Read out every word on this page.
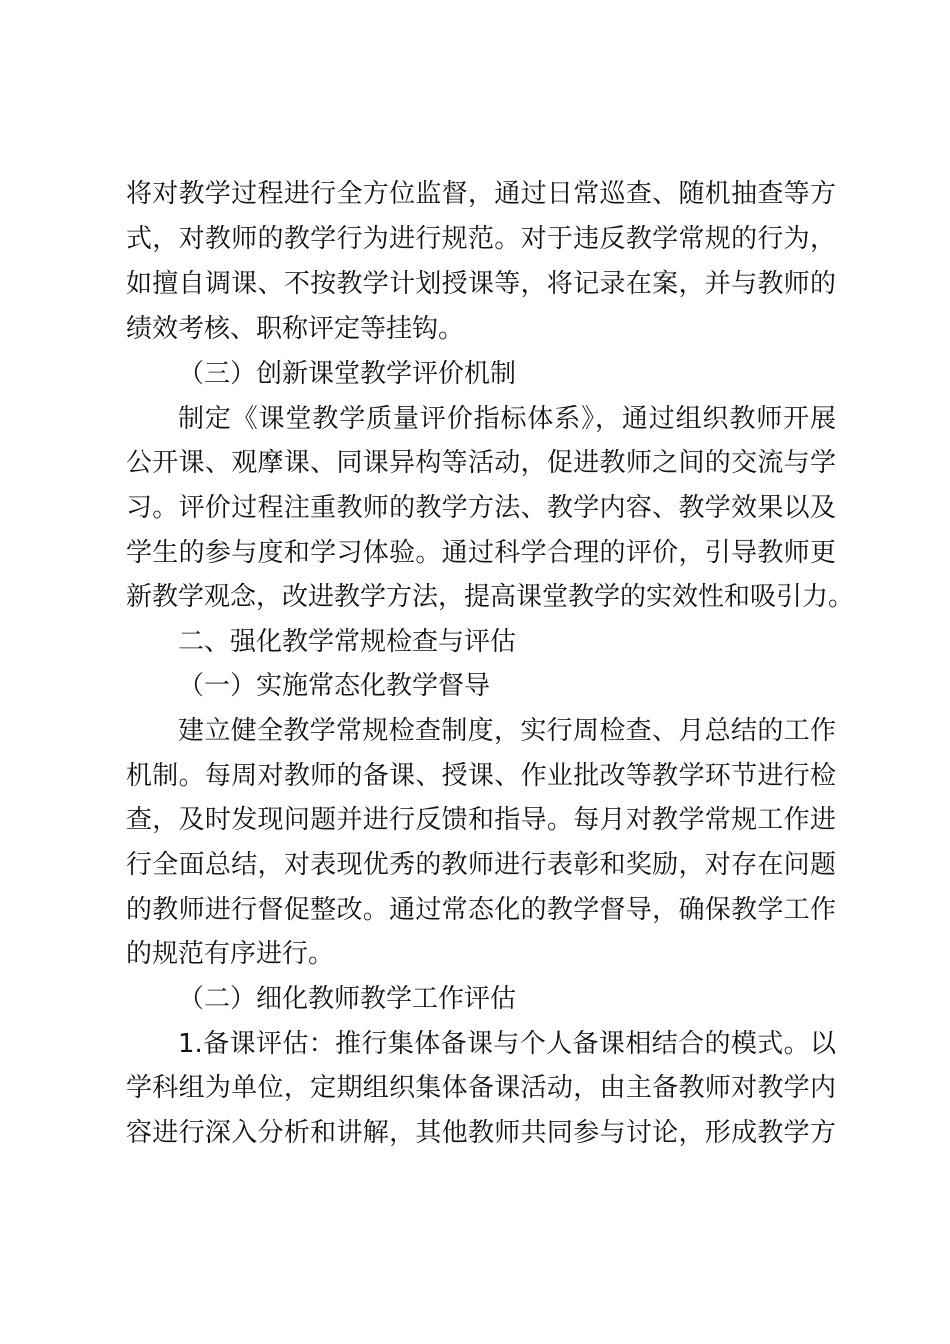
将对教学过程进行全方位监督，通过日常巡查、随机抽查等方
式，对教师的教学行为进行规范。对于违反教学常规的行为，
如擅自调课、不按教学计划授课等，将记录在案，并与教师的
绩效考核、职称评定等挂钩。
（三）创新课堂教学评价机制
制定《课堂教学质量评价指标体系》，通过组织教师开展
公开课、观摩课、同课异构等活动，促进教师之间的交流与学
习。评价过程注重教师的教学方法、教学内容、教学效果以及
学生的参与度和学习体验。通过科学合理的评价，引导教师更
新教学观念，改进教学方法，提高课堂教学的实效性和吸引力。
二、强化教学常规检查与评估
（一）实施常态化教学督导
建立健全教学常规检查制度，实行周检查、月总结的工作
机制。每周对教师的备课、授课、作业批改等教学环节进行检
查，及时发现问题并进行反馈和指导。每月对教学常规工作进
行全面总结，对表现优秀的教师进行表彰和奖励，对存在问题
的教师进行督促整改。通过常态化的教学督导，确保教学工作
的规范有序进行。
（二）细化教师教学工作评估
1.备课评估：推行集体备课与个人备课相结合的模式。以
学科组为单位，定期组织集体备课活动，由主备教师对教学内
容进行深入分析和讲解，其他教师共同参与讨论，形成教学方
